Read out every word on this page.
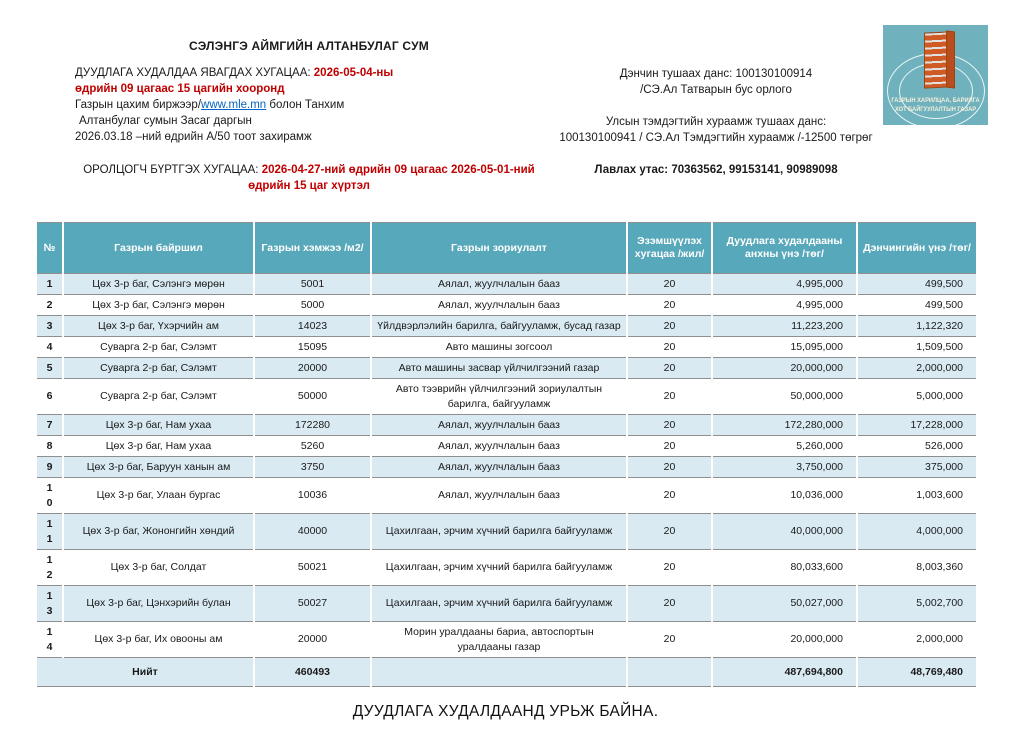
СЭЛЭНГЭ АЙМГИЙН АЛТАНБУЛАГ СУМ
ДУУДЛАГА ХУДАЛДАА ЯВАГДАХ ХУГАЦАА: 2026-05-04-ны
өдрийн 09 цагаас 15 цагийн хооронд
Газрын цахим биржээр/www.mle.mn болон Танхим
Алтанбулаг сумын Засаг даргын
2026.03.18 –ний өдрийн А/50 тоот захирамж
ОРОЛЦОГЧ БҮРТГЭХ ХУГАЦАА: 2026-04-27-ний өдрийн 09 цагаас 2026-05-01-ний өдрийн 15 цаг хүртэл
Дэнчин тушаах данс: 100130100914
/СЭ.Ал Татварын бус орлого
Улсын тэмдэгтийн хураамж тушаах данс:
100130100941 / СЭ.Ал Тэмдэгтийн хураамж /-12500 төгрөг
Лавлах утас: 70363562, 99153141, 90989098
ГАЗРЫН ХАРИЛЦАА, БАРИЛГА
ХОТ БАЙГУУЛАЛТЫН ГАЗАР
№	Газрын байршил	Газрын хэмжээ /м2/	Газрын зориулалт	Эзэмшүүлэх хугацаа /жил/	Дуудлага худалдааны анхны үнэ /төг/	Дэнчингийн үнэ /төг/
1	Цөх 3-р баг, Сэлэнгэ мөрөн	5001	Аялал, жуулчлалын бааз	20	4,995,000	499,500
2	Цөх 3-р баг, Сэлэнгэ мөрөн	5000	Аялал, жуулчлалын бааз	20	4,995,000	499,500
3	Цөх 3-р баг, Үхэрчийн ам	14023	Үйлдвэрлэлийн барилга, байгууламж, бусад газар	20	11,223,200	1,122,320
4	Суварга 2-р баг, Сэлэмт	15095	Авто машины зогсоол	20	15,095,000	1,509,500
5	Суварга 2-р баг, Сэлэмт	20000	Авто машины засвар үйлчилгээний газар	20	20,000,000	2,000,000
6	Суварга 2-р баг, Сэлэмт	50000	Авто тээврийн үйлчилгээний зориулалтын барилга, байгууламж	20	50,000,000	5,000,000
7	Цөх 3-р баг, Нам ухаа	172280	Аялал, жуулчлалын бааз	20	172,280,000	17,228,000
8	Цөх 3-р баг, Нам ухаа	5260	Аялал, жуулчлалын бааз	20	5,260,000	526,000
9	Цөх 3-р баг, Баруун ханын ам	3750	Аялал, жуулчлалын бааз	20	3,750,000	375,000
10	Цөх 3-р баг, Улаан бургас	10036	Аялал, жуулчлалын бааз	20	10,036,000	1,003,600
11	Цөх 3-р баг, Жононгийн хөндий	40000	Цахилгаан, эрчим хүчний барилга байгууламж	20	40,000,000	4,000,000
12	Цөх 3-р баг, Солдат	50021	Цахилгаан, эрчим хүчний барилга байгууламж	20	80,033,600	8,003,360
13	Цөх 3-р баг, Цэнхэрийн булан	50027	Цахилгаан, эрчим хүчний барилга байгууламж	20	50,027,000	5,002,700
14	Цөх 3-р баг, Их овооны ам	20000	Морин уралдааны бариа, автоспортын уралдааны газар	20	20,000,000	2,000,000
Нийт		460493			487,694,800	48,769,480
ДУУДЛАГА ХУДАЛДААНД УРЬЖ БАЙНА.
